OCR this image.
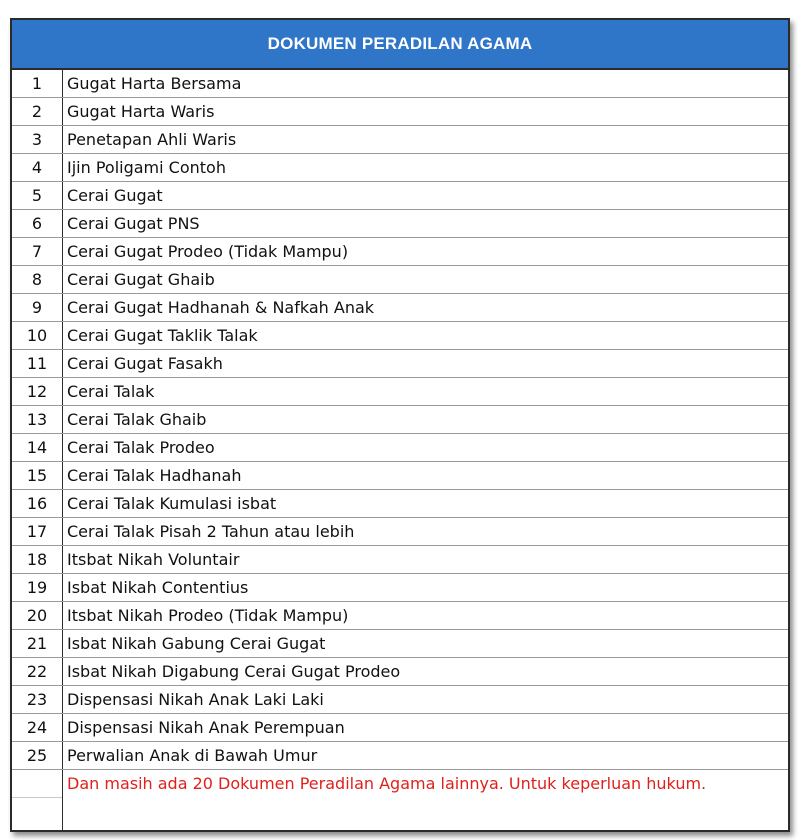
DOKUMEN PERADILAN AGAMA
1	Gugat Harta Bersama
2	Gugat Harta Waris
3	Penetapan Ahli Waris
4	Ijin Poligami Contoh
5	Cerai Gugat
6	Cerai Gugat PNS
7	Cerai Gugat Prodeo (Tidak Mampu)
8	Cerai Gugat Ghaib
9	Cerai Gugat Hadhanah & Nafkah Anak
10	Cerai Gugat Taklik Talak
11	Cerai Gugat Fasakh
12	Cerai Talak
13	Cerai Talak Ghaib
14	Cerai Talak Prodeo
15	Cerai Talak Hadhanah
16	Cerai Talak Kumulasi isbat
17	Cerai Talak Pisah 2 Tahun atau lebih
18	Itsbat Nikah Voluntair
19	Isbat Nikah Contentius
20	Itsbat Nikah Prodeo (Tidak Mampu)
21	Isbat Nikah Gabung Cerai Gugat
22	Isbat Nikah Digabung Cerai Gugat Prodeo
23	Dispensasi Nikah Anak Laki Laki
24	Dispensasi Nikah Anak Perempuan
25	Perwalian Anak di Bawah Umur
	Dan masih ada 20 Dokumen Peradilan Agama lainnya. Untuk keperluan hukum.
